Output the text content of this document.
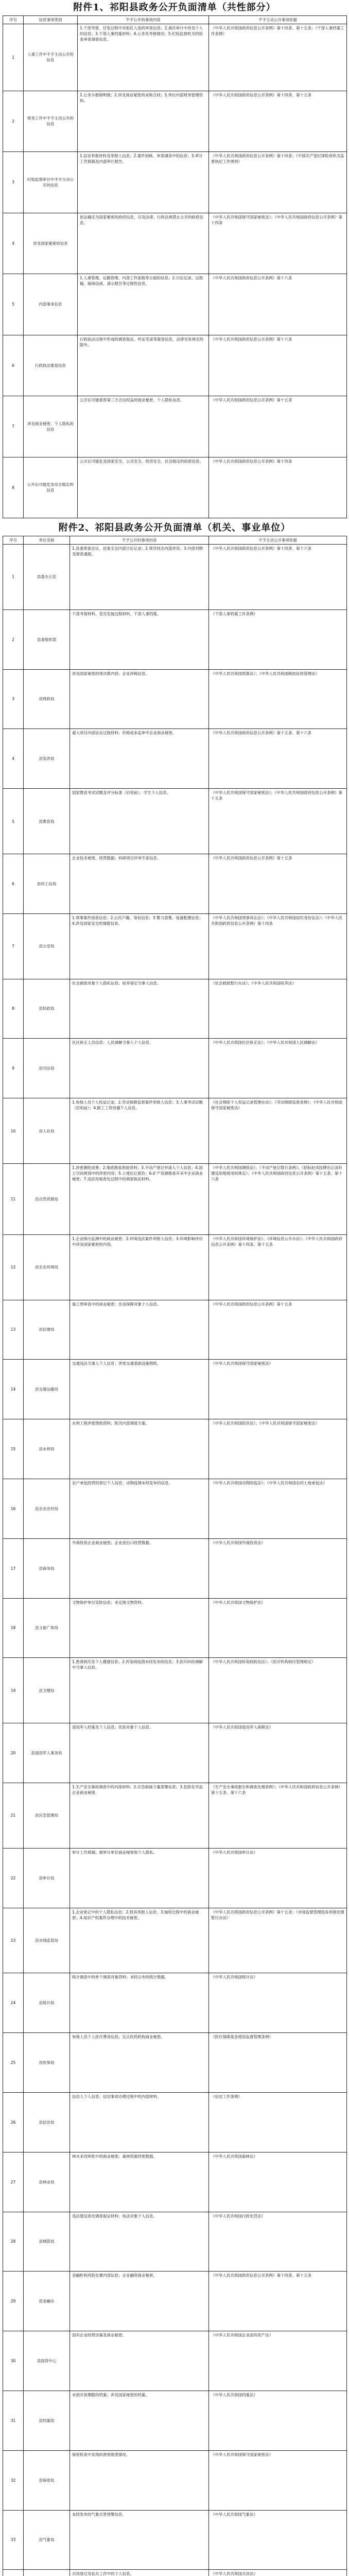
附件1、祁阳县政务公开负面清单（共性部分）
序号	信息事项类别	不予公开的事项内容	不予主动公开事项依据
1	人事工作中不予主动公开的信息	1.干部考察、任免过程中对拟任人选的审查信息；2.离任审计中涉及个人的信息；3.干部人事档案材料；4.公务员考核情况；5.纪检监察机关的检查审查调查信息。	《中华人民共和国政府信息公开条例》第十四条、第十五条；《干部人事档案工作条例》
2	财务工作中不予主动公开的信息	1.公务卡报销明细；2.涉及商业秘密的采购合同；3.单位内部财务管理资料。	《中华人民共和国政府信息公开条例》第十四条、第十五条
3	纪检监察审计中不予主动公开的信息	1.信访举报材料及举报人信息；2.案件初核、审查调查中的信息；3.审计工作底稿及内部审计报告。	《中华人民共和国政府信息公开条例》第十四条；《中国共产党纪律检查机关监督执纪工作规则》
4	涉及国家秘密的信息	依法确定为国家秘密的政府信息，以及法律、行政法规禁止公开的政府信息。	《中华人民共和国保守国家秘密法》；《中华人民共和国政府信息公开条例》第十四条
5	内部事务信息	1.人事管理、后勤管理、内部工作流程等方面的信息；2.讨论记录、过程稿、磋商信函、请示报告等过程性信息。	《中华人民共和国政府信息公开条例》第十六条
6	行政执法案卷信息	行政执法过程中形成的调查取证、听证笔录等案卷信息，法律另有规定的除外。	《中华人民共和国政府信息公开条例》第十六条
7	涉及商业秘密、个人隐私的信息	公开后可能损害第三方合法权益的商业秘密、个人隐私信息。	《中华人民共和国政府信息公开条例》第十五条
8	公开后可能危及安全稳定的信息	公开后可能危及国家安全、公共安全、经济安全、社会稳定的政府信息。	《中华人民共和国政府信息公开条例》第十四条
附件2、祁阳县政务公开负面清单（机关、事业单位）
序号	单位名称	不予公开的事项内容	不予主动公开事项依据
1	县委办公室	1.县委常委会议、县委全会内部讨论记录；2.领导同志内部讲话；3.内部刊物及督查通报。	《中华人民共和国政府信息公开条例》第十四条、第十六条
2	县委组织部	干部考察材料、党员发展过程材料、干部人事档案。	《干部人事档案工作条例》
3	县财政局	涉及国家秘密的预决算内容；企业涉税信息。	《中华人民共和国预算法》；《中华人民共和国税收征收管理法》
4	县发改局	重大项目内部论证过程材料；价格成本监审中企业商业秘密。	《中华人民共和国政府信息公开条例》第十五条、第十六条
5	县教育局	国家教育考试试题及评分标准（启用前）；学生个人信息。	《中华人民共和国保守国家秘密法》；《中华人民共和国政府信息公开条例》第十五条
6	县科工信局	企业技术秘密、经营数据；科研项目评审专家信息。	《中华人民共和国政府信息公开条例》第十五条
7	县公安局	1.刑事案件侦查信息；2.公民户籍、身份信息；3.警力部署、装备配置信息；4.涉及国家安全的情报信息。	《中华人民共和国刑事诉讼法》；《中华人民共和国居民身份证法》；《中华人民共和国政府信息公开条例》第十四条
8	县民政局	社会救助对象个人隐私信息；收养登记当事人信息。	《社会救助暂行办法》；《中华人民共和国收养法》
9	县司法局	社区矫正人员信息；人民调解当事人个人信息。	《中华人民共和国社区矫正法》；《中华人民共和国人民调解法》
10	县人社局	1.参保人员个人权益记录；2.劳动保障监察案件举报人信息；3.人事考试试题（启用前）；4.职工工资待遇个人信息。	《社会保险个人权益记录管理办法》；《劳动保障监察条例》；《中华人民共和国保守国家秘密法》
11	县自然资源局	1.涉密测绘成果；2.地质勘查原始资料；3.不动产登记申请人个人信息；4.国土空间规划中的涉密内容；5.土地出让底价；6.矿产资源勘查开采中企业商业秘密；7.违法用地查处过程中的调查取证材料。	《中华人民共和国测绘法》；《不动产登记暂行条例》；《招标拍卖挂牌出让国有建设用地使用权规定》；《中华人民共和国政府信息公开条例》第十五条、第十六条
12	县生态环境局	1.企业排污监测中的商业秘密；2.环境违法案件举报人信息；3.环境影响评价中涉及国家秘密的内容。	《中华人民共和国环境保护法》；《环境信息公开办法》；《中华人民共和国政府信息公开条例》第十四条、第十五条
13	县住建局	施工图审查中的商业秘密；住房保障对象个人信息。	《中华人民共和国政府信息公开条例》第十五条
14	县交通运输局	交通违法当事人个人信息；涉密交通基础设施图纸。	《中华人民共和国保守国家秘密法》
15	县水利局	水利工程涉密图纸资料；防汛内部调度方案。	《中华人民共和国防洪法》；《中华人民共和国保守国家秘密法》
16	县农业农村局	农户承包经营权登记个人信息；动物疫情未经发布的信息。	《中华人民共和国动物防疫法》；《中华人民共和国农村土地承包法》
17	县商务局	外商投资企业商业秘密；企业进出口经营数据。	《中华人民共和国外商投资法》
18	县文旅广体局	文物保护单位安防信息；未定级文物资料。	《中华人民共和国文物保护法》
19	县卫健局	1.患者病历及个人健康信息；2.传染病疫情未经发布的信息；3.医疗纠纷调解中当事人信息。	《中华人民共和国传染病防治法》；《医疗机构病历管理规定》
20	县退役军人事务局	退役军人档案及个人信息；优抚对象个人信息。	《中华人民共和国退役军人保障法》
21	县应急管理局	1.生产安全事故调查中的内部材料；2.应急救援力量部署信息；3.危险化学品企业商业秘密。	《生产安全事故报告和调查处理条例》；《中华人民共和国政府信息公开条例》第十五条、第十六条
22	县审计局	审计工作底稿；被审计单位商业秘密和个人隐私。	《中华人民共和国审计法》
23	县市场监管局	1.企业登记中的个人隐私信息；2.投诉举报人信息；3.抽检过程中的商业秘密；4.知识产权案件办理中的技术秘密。	《中华人民共和国政府信息公开条例》第十五条；《市场监督管理投诉举报处理暂行办法》
24	县统计局	统计调查中的单个调查对象资料；未经公布的统计数据。	《中华人民共和国统计法》
25	县医保局	参保人员个人医疗费用信息；定点医药机构商业秘密。	《医疗保障基金使用监督管理条例》
26	县信访局	信访人个人信息；信访事项办理过程中的内部材料。	《信访工作条例》
27	县林业局	林木采伐审批中的商业秘密；森林资源涉密数据。	《中华人民共和国森林法》
28	县城管局	违法建设查处调查取证材料；执法对象个人信息。	《中华人民共和国行政处罚法》
29	县金融办	金融机构风险处置内部信息；企业融资商业秘密。	《中华人民共和国政府信息公开条例》第十四条、第十五条
30	县国资中心	国有企业经营决策及商业秘密。	《中华人民共和国企业国有资产法》
31	县档案馆	未到开放期限的档案；涉及国家秘密的档案。	《中华人民共和国档案法》
32	县保密局	保密检查中发现的泄密隐患情况。	《中华人民共和国保守国家秘密法》
33	县气象局	未经发布的气象灾害预警信息。	《中华人民共和国气象法》
		兵役登记及征兵工作中的个人信息。	《中华人民共和国兵役法》
